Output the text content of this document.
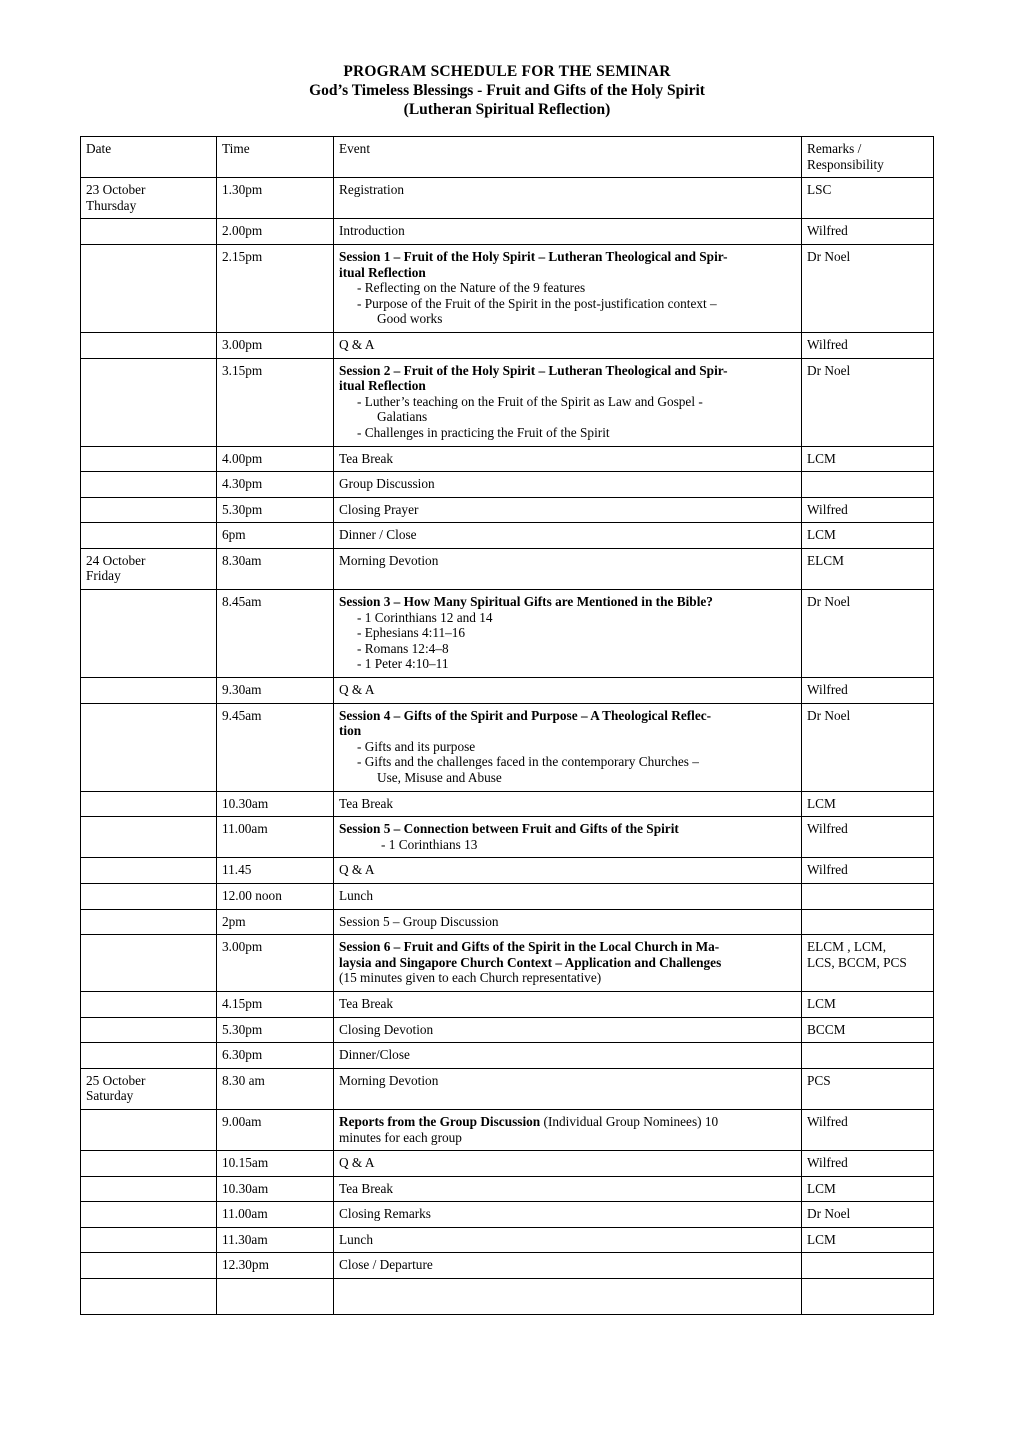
PROGRAM SCHEDULE FOR THE SEMINAR
God’s Timeless Blessings - Fruit and Gifts of the Holy Spirit
(Lutheran Spiritual Reflection)
Date	Time	Event	Remarks /
Responsibility
23 October
Thursday	1.30pm	Registration	LSC
	2.00pm	Introduction	Wilfred
	2.15pm	Session 1 – Fruit of the Holy Spirit – Lutheran Theological and Spir-
itual Reflection
- Reflecting on the Nature of the 9 features
- Purpose of the Fruit of the Spirit in the post-justification context –
Good works	Dr Noel
	3.00pm	Q & A	Wilfred
	3.15pm	Session 2 – Fruit of the Holy Spirit – Lutheran Theological and Spir-
itual Reflection
- Luther’s teaching on the Fruit of the Spirit as Law and Gospel -
Galatians
- Challenges in practicing the Fruit of the Spirit	Dr Noel
	4.00pm	Tea Break	LCM
	4.30pm	Group Discussion	
	5.30pm	Closing Prayer	Wilfred
	6pm	Dinner / Close	LCM
24 October
Friday	8.30am	Morning Devotion	ELCM
	8.45am	Session 3 – How Many Spiritual Gifts are Mentioned in the Bible?
- 1 Corinthians 12 and 14
- Ephesians 4:11–16
- Romans 12:4–8
- 1 Peter 4:10–11	Dr Noel
	9.30am	Q & A	Wilfred
	9.45am	Session 4 – Gifts of the Spirit and Purpose – A Theological Reflec-
tion
- Gifts and its purpose
- Gifts and the challenges faced in the contemporary Churches –
Use, Misuse and Abuse	Dr Noel
	10.30am	Tea Break	LCM
	11.00am	Session 5 – Connection between Fruit and Gifts of the Spirit
- 1 Corinthians 13	Wilfred
	11.45	Q & A	Wilfred
	12.00 noon	Lunch	
	2pm	Session 5 – Group Discussion	
	3.00pm	Session 6 – Fruit and Gifts of the Spirit in the Local Church in Ma-
laysia and Singapore Church Context – Application and Challenges
(15 minutes given to each Church representative)	ELCM , LCM,
LCS, BCCM, PCS
	4.15pm	Tea Break	LCM
	5.30pm	Closing Devotion	BCCM
	6.30pm	Dinner/Close	
25 October
Saturday	8.30 am	Morning Devotion	PCS
	9.00am	Reports from the Group Discussion (Individual Group Nominees) 10
minutes for each group	Wilfred
	10.15am	Q & A	Wilfred
	10.30am	Tea Break	LCM
	11.00am	Closing Remarks	Dr Noel
	11.30am	Lunch	LCM
	12.30pm	Close / Departure	
